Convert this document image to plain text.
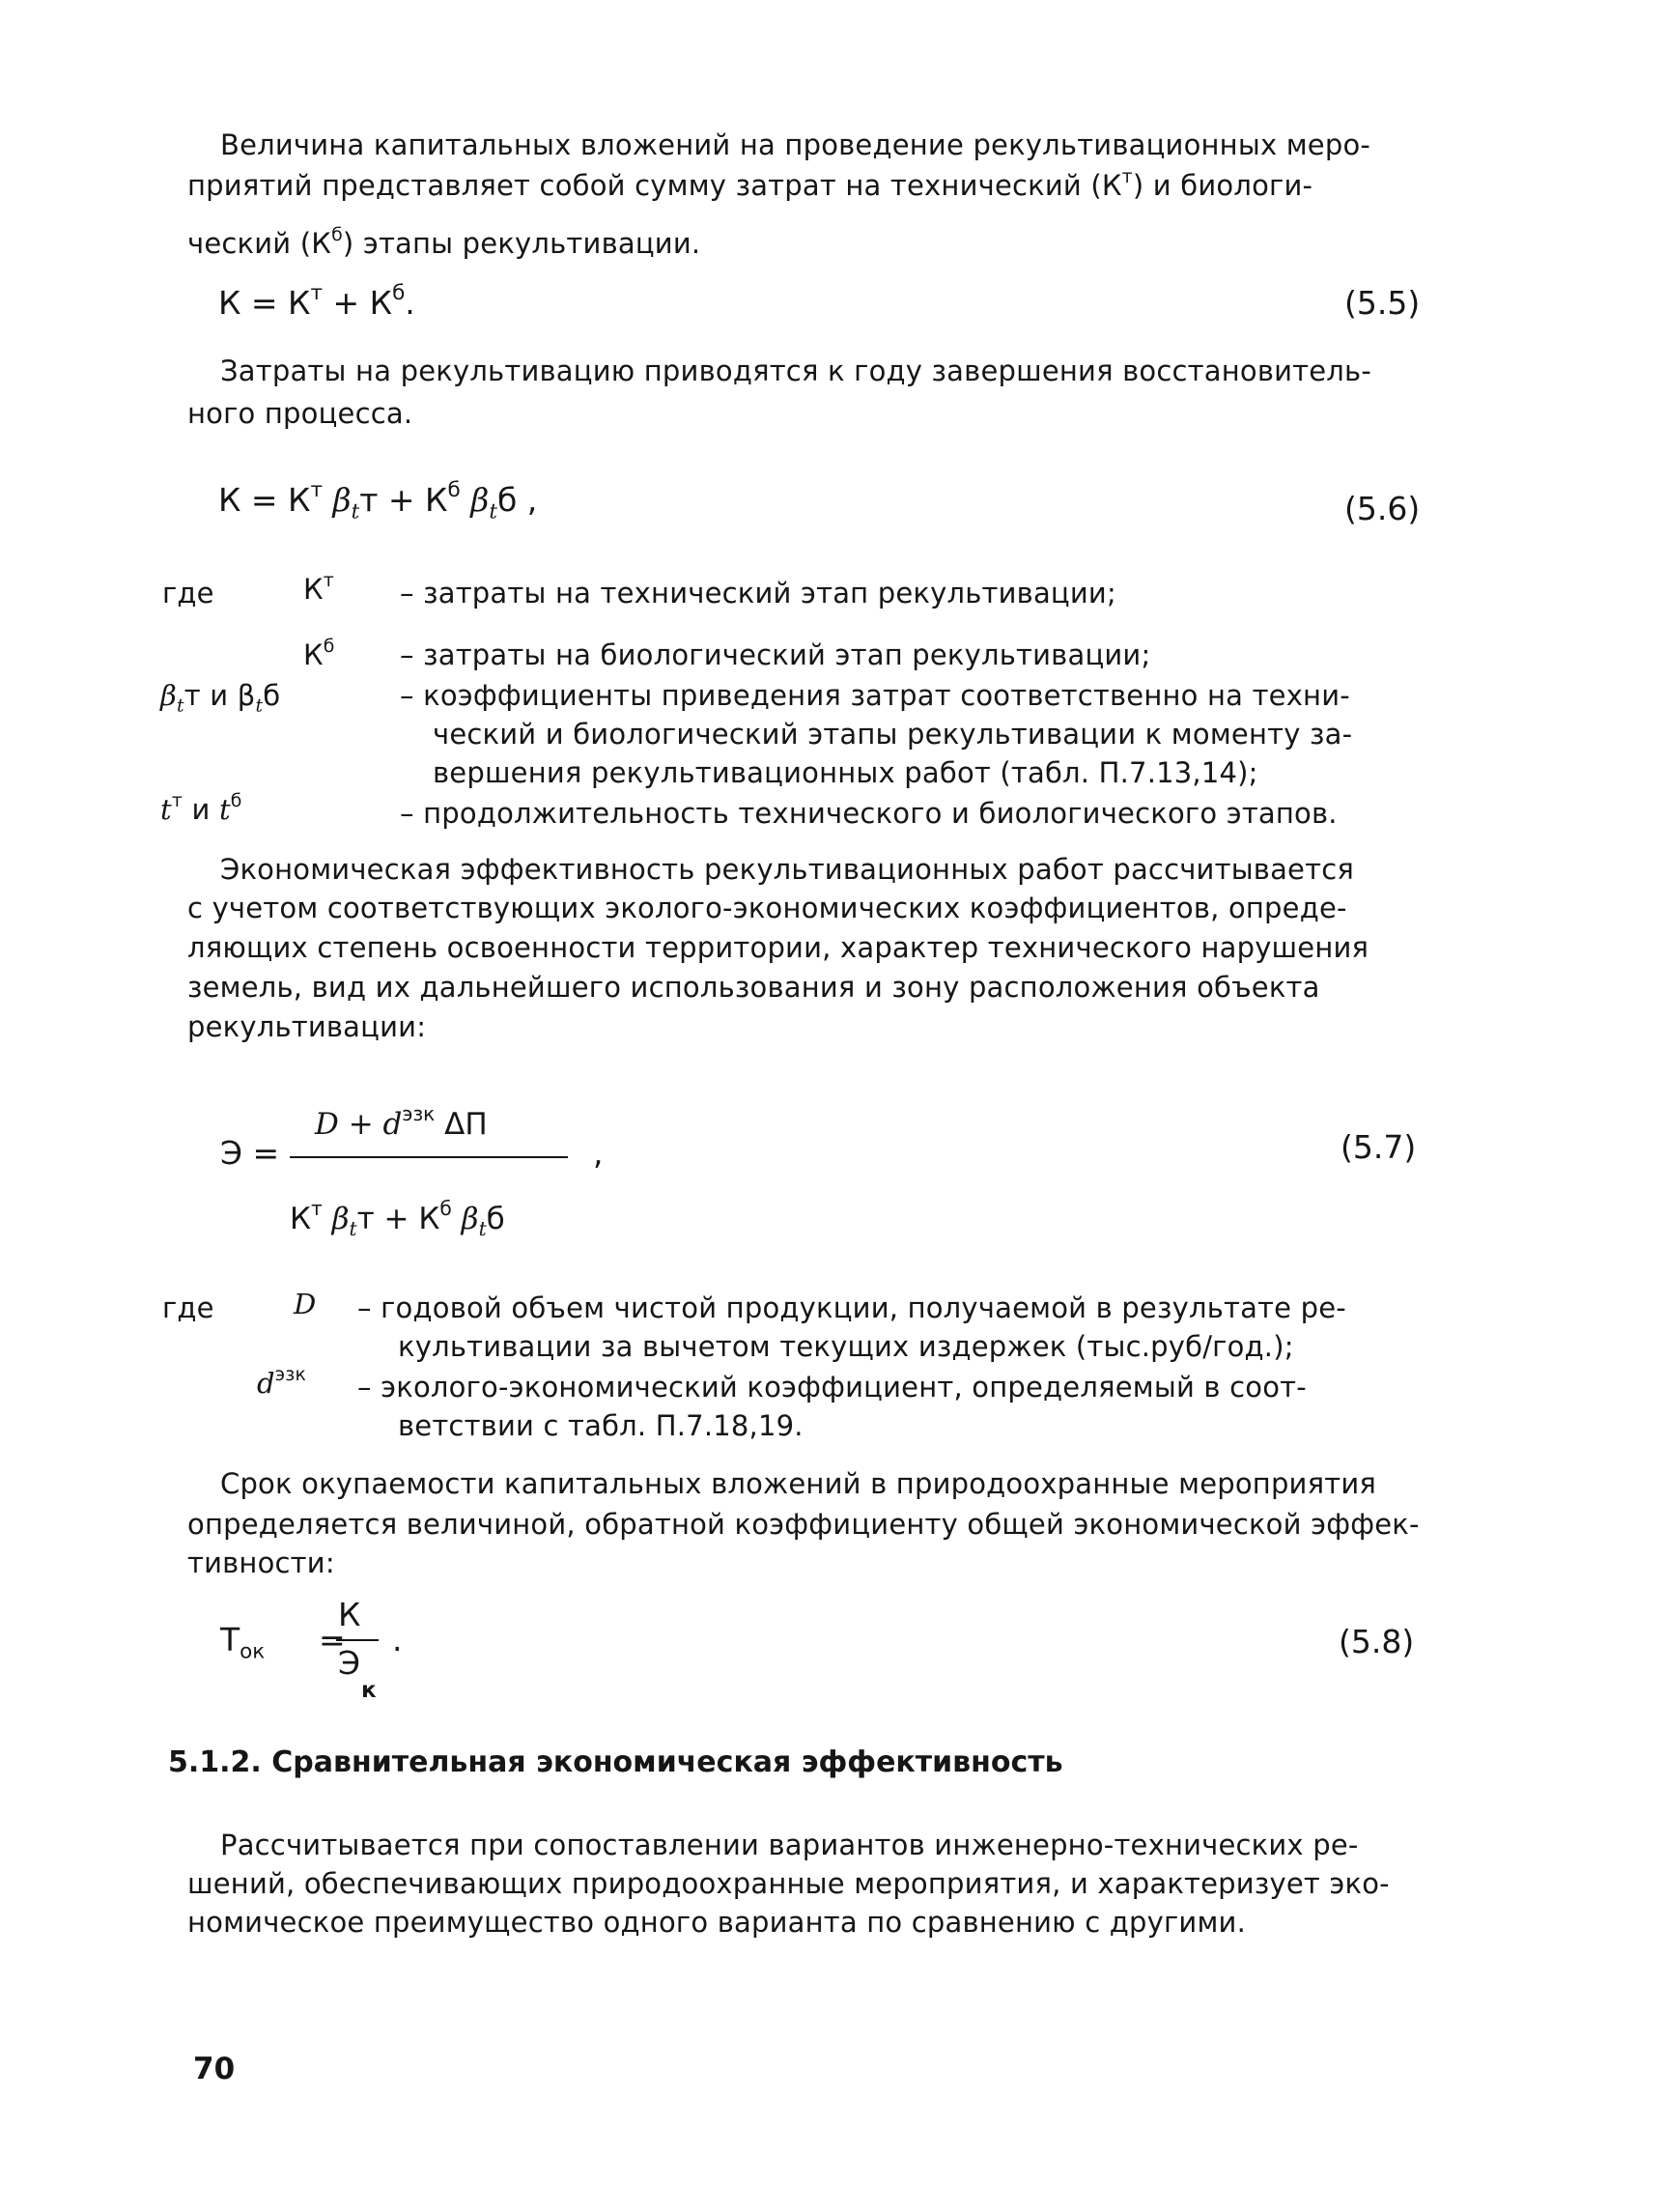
Величина капитальных вложений на проведение рекультивационных меро-
приятий представляет собой сумму затрат на технический $(К^т)$ и биологи-
ческий $(К^б)$ этапы рекультивации.
$К = К^т + К^б$.	(5.5)
Затраты на рекультивацию приводятся к году завершения восстановитель-
ного процесса.
$К = К^т$ $\beta_tт + К^б$ $\beta_tб$ ,	(5.6)
где	$К^т$ – затраты на технический этап рекультивации;
$К^б$ – затраты на биологический этап рекультивации;
$\beta_tт$ и $\beta_tб$	– коэффициенты приведения затрат соответственно на техни-
ческий и биологический этапы рекультивации к моменту за-
вершения рекультивационных работ (табл. П.7.13,14);
$t^т$ и $t^б$	– продолжительность технического и биологического этапов.
Экономическая эффективность рекультивационных работ рассчитывается
с учетом соответствующих эколого-экономических коэффициентов, опреде-
ляющих степень освоенности территории, характер технического нарушения
земель, вид их дальнейшего использования и зону расположения объекта
рекультивации:
Э =
$D + d^{эзк}$ ΔП
,
$К^т$ $\beta_tт + К^б$ $\beta_tб$
(5.7)
где	D – годовой объем чистой продукции, получаемой в результате ре-
культивации за вычетом текущих издержек (тыс.руб/год.);
$d^{эзк}$ – эколого-экономический коэффициент, определяемый в соот-
ветствии с табл. П.7.18,19.
Срок окупаемости капитальных вложений в природоохранные мероприятия
определяется величиной, обратной коэффициенту общей экономической эффек-
тивности:
$Т_{ок}$ =
К
Э
к
.	(5.8)
5.1.2. Сравнительная экономическая эффективность
Рассчитывается при сопоставлении вариантов инженерно-технических ре-
шений, обеспечивающих природоохранные мероприятия, и характеризует эко-
номическое преимущество одного варианта по сравнению с другими.
70
